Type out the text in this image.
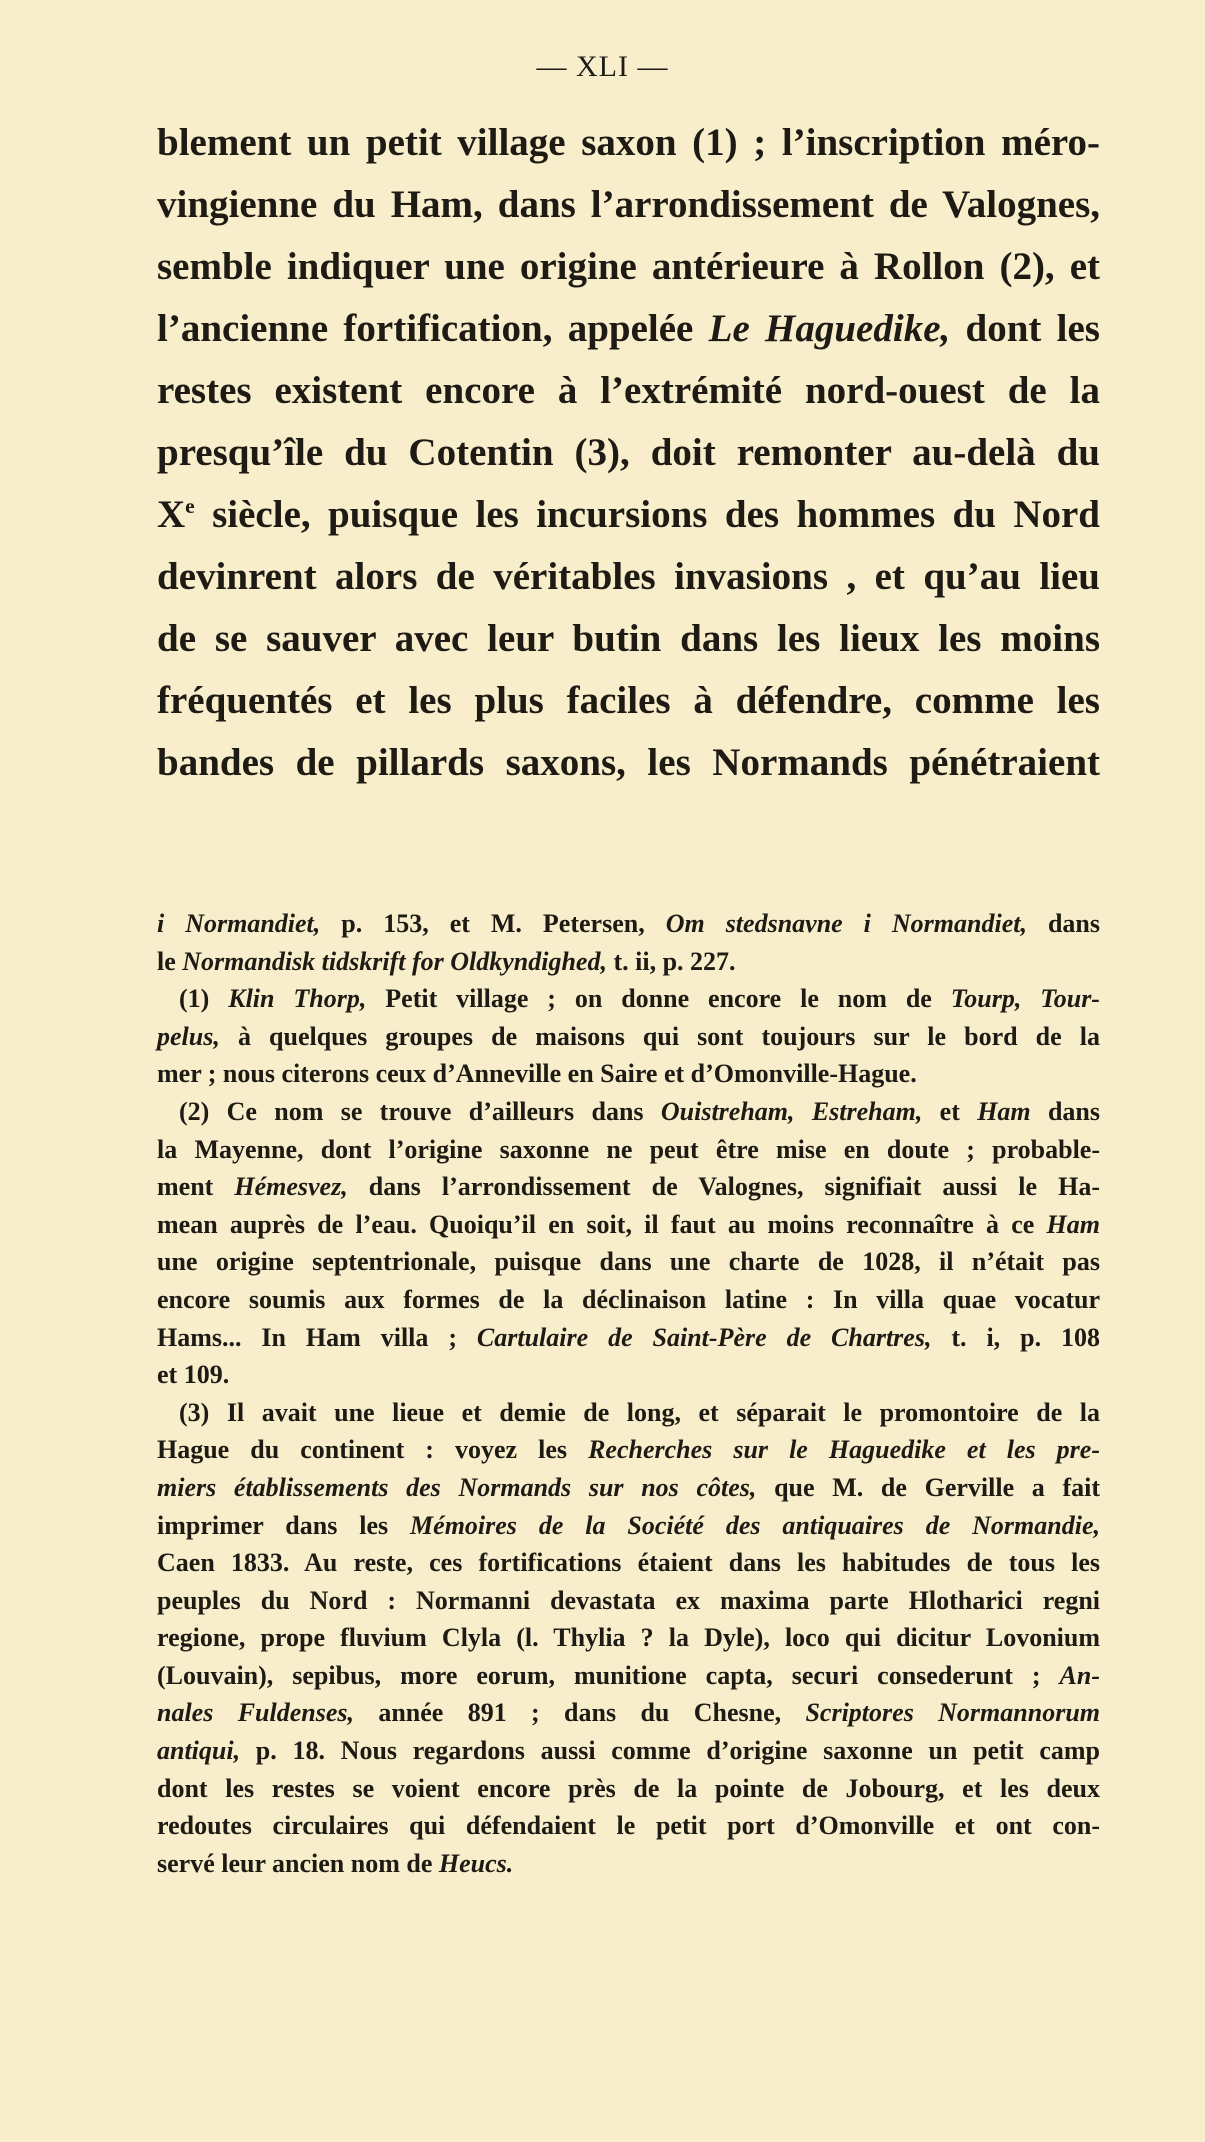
— XLI —
blement un petit village saxon (1) ; l’inscription méro-
vingienne du Ham, dans l’arrondissement de Valognes,
semble indiquer une origine antérieure à Rollon (2), et
l’ancienne fortification, appelée Le Haguedike, dont les
restes existent encore à l’extrémité nord-ouest de la
presqu’île du Cotentin (3), doit remonter au-delà du
Xe siècle, puisque les incursions des hommes du Nord
devinrent alors de véritables invasions , et qu’au lieu
de se sauver avec leur butin dans les lieux les moins
fréquentés et les plus faciles à défendre, comme les
bandes de pillards saxons, les Normands pénétraient
i Normandiet, p. 153, et M. Petersen, Om stedsnavne i Normandiet, dans
le Normandisk tidskrift for Oldkyndighed, t. ii, p. 227.
(1) Klin Thorp, Petit village ; on donne encore le nom de Tourp, Tour-
pelus, à quelques groupes de maisons qui sont toujours sur le bord de la
mer ; nous citerons ceux d’Anneville en Saire et d’Omonville-Hague.
(2) Ce nom se trouve d’ailleurs dans Ouistreham, Estreham, et Ham dans
la Mayenne, dont l’origine saxonne ne peut être mise en doute ; probable-
ment Hémesvez, dans l’arrondissement de Valognes, signifiait aussi le Ha-
mean auprès de l’eau. Quoiqu’il en soit, il faut au moins reconnaître à ce Ham
une origine septentrionale, puisque dans une charte de 1028, il n’était pas
encore soumis aux formes de la déclinaison latine : In villa quae vocatur
Hams... In Ham villa ; Cartulaire de Saint-Père de Chartres, t. i, p. 108
et 109.
(3) Il avait une lieue et demie de long, et séparait le promontoire de la
Hague du continent : voyez les Recherches sur le Haguedike et les pre-
miers établissements des Normands sur nos côtes, que M. de Gerville a fait
imprimer dans les Mémoires de la Société des antiquaires de Normandie,
Caen 1833. Au reste, ces fortifications étaient dans les habitudes de tous les
peuples du Nord : Normanni devastata ex maxima parte Hlotharici regni
regione, prope fluvium Clyla (l. Thylia ? la Dyle), loco qui dicitur Lovonium
(Louvain), sepibus, more eorum, munitione capta, securi consederunt ; An-
nales Fuldenses, année 891 ; dans du Chesne, Scriptores Normannorum
antiqui, p. 18. Nous regardons aussi comme d’origine saxonne un petit camp
dont les restes se voient encore près de la pointe de Jobourg, et les deux
redoutes circulaires qui défendaient le petit port d’Omonville et ont con-
servé leur ancien nom de Heucs.
